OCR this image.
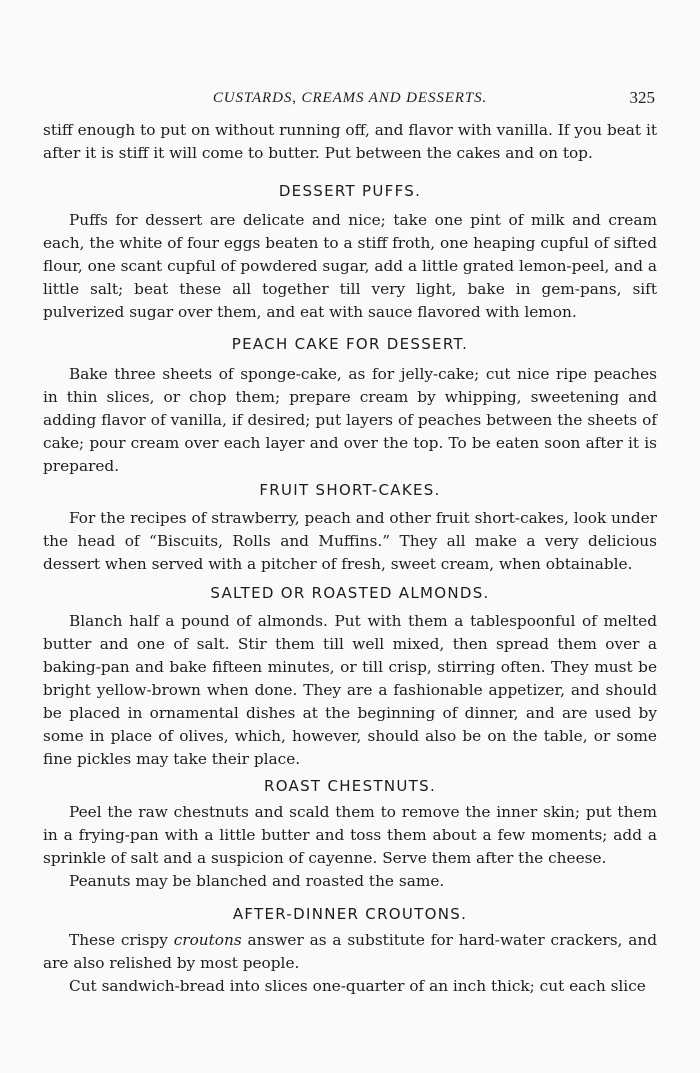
CUSTARDS, CREAMS AND DESSERTS.	325

stiff enough to put on without running off, and flavor with vanilla. If you beat it after it is stiff it will come to butter. Put between the cakes and on top.

DESSERT PUFFS.

Puffs for dessert are delicate and nice; take one pint of milk and cream each, the white of four eggs beaten to a stiff froth, one heaping cupful of sifted flour, one scant cupful of powdered sugar, add a little grated lemon-peel, and a little salt; beat these all together till very light, bake in gem-pans, sift pulverized sugar over them, and eat with sauce flavored with lemon.

PEACH CAKE FOR DESSERT.

Bake three sheets of sponge-cake, as for jelly-cake; cut nice ripe peaches in thin slices, or chop them; prepare cream by whipping, sweetening and adding flavor of vanilla, if desired; put layers of peaches between the sheets of cake; pour cream over each layer and over the top. To be eaten soon after it is prepared.

FRUIT SHORT-CAKES.

For the recipes of strawberry, peach and other fruit short-cakes, look under the head of “Biscuits, Rolls and Muffins.” They all make a very delicious dessert when served with a pitcher of fresh, sweet cream, when obtainable.

SALTED OR ROASTED ALMONDS.

Blanch half a pound of almonds. Put with them a tablespoonful of melted butter and one of salt. Stir them till well mixed, then spread them over a baking-pan and bake fifteen minutes, or till crisp, stirring often. They must be bright yellow-brown when done. They are a fashionable appetizer, and should be placed in ornamental dishes at the beginning of dinner, and are used by some in place of olives, which, however, should also be on the table, or some fine pickles may take their place.

ROAST CHESTNUTS.

Peel the raw chestnuts and scald them to remove the inner skin; put them in a frying-pan with a little butter and toss them about a few moments; add a sprinkle of salt and a suspicion of cayenne. Serve them after the cheese.

Peanuts may be blanched and roasted the same.

AFTER-DINNER CROUTONS.

These crispy croutons answer as a substitute for hard-water crackers, and are also relished by most people.

Cut sandwich-bread into slices one-quarter of an inch thick; cut each slice
